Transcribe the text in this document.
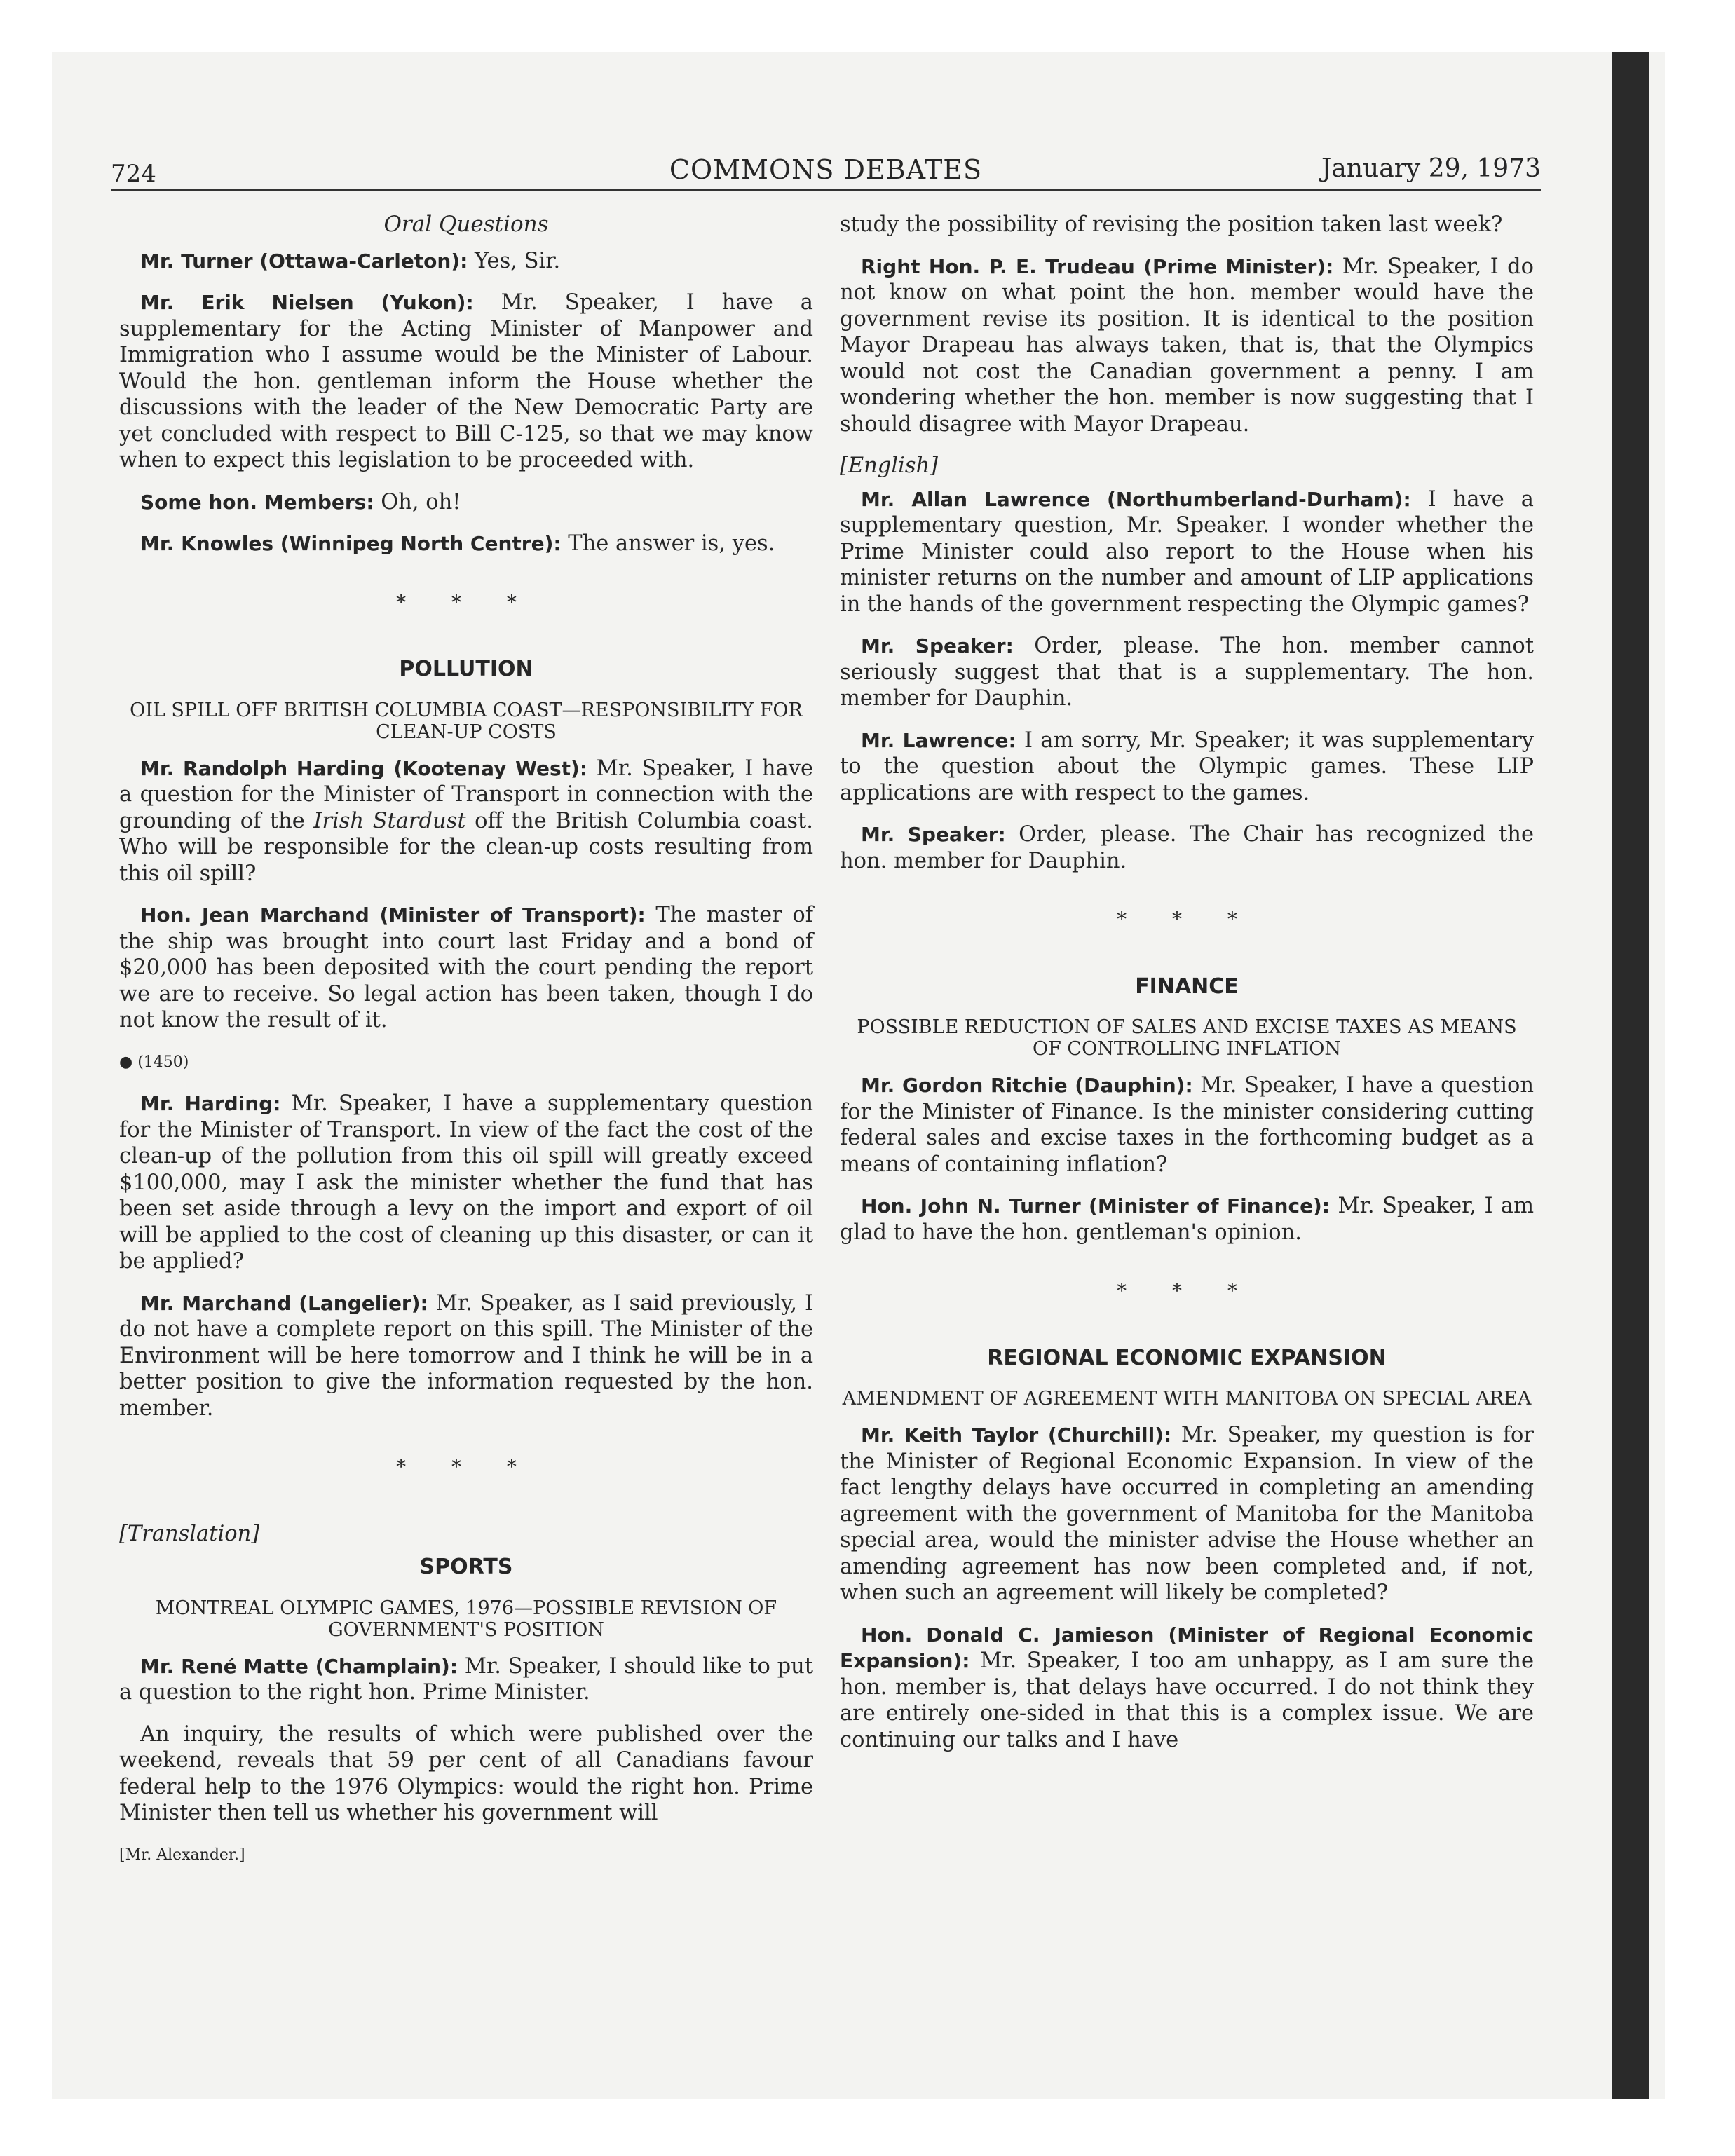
724	COMMONS DEBATES	January 29, 1973
Oral Questions

Mr. Turner (Ottawa-Carleton): Yes, Sir.

Mr. Erik Nielsen (Yukon): Mr. Speaker, I have a supplementary for the Acting Minister of Manpower and Immigration who I assume would be the Minister of Labour. Would the hon. gentleman inform the House whether the discussions with the leader of the New Democratic Party are yet concluded with respect to Bill C-125, so that we may know when to expect this legislation to be proceeded with.

Some hon. Members: Oh, oh!

Mr. Knowles (Winnipeg North Centre): The answer is, yes.

* * *
POLLUTION
OIL SPILL OFF BRITISH COLUMBIA COAST—RESPONSIBILITY FOR CLEAN-UP COSTS

Mr. Randolph Harding (Kootenay West): Mr. Speaker, I have a question for the Minister of Transport in connection with the grounding of the Irish Stardust off the British Columbia coast. Who will be responsible for the clean-up costs resulting from this oil spill?

Hon. Jean Marchand (Minister of Transport): The master of the ship was brought into court last Friday and a bond of $20,000 has been deposited with the court pending the report we are to receive. So legal action has been taken, though I do not know the result of it.

● (1450)

Mr. Harding: Mr. Speaker, I have a supplementary question for the Minister of Transport. In view of the fact the cost of the clean-up of the pollution from this oil spill will greatly exceed $100,000, may I ask the minister whether the fund that has been set aside through a levy on the import and export of oil will be applied to the cost of cleaning up this disaster, or can it be applied?

Mr. Marchand (Langelier): Mr. Speaker, as I said previously, I do not have a complete report on this spill. The Minister of the Environment will be here tomorrow and I think he will be in a better position to give the information requested by the hon. member.

* * *

[Translation]

SPORTS
MONTREAL OLYMPIC GAMES, 1976—POSSIBLE REVISION OF GOVERNMENT'S POSITION

Mr. René Matte (Champlain): Mr. Speaker, I should like to put a question to the right hon. Prime Minister.

An inquiry, the results of which were published over the weekend, reveals that 59 per cent of all Canadians favour federal help to the 1976 Olympics: would the right hon. Prime Minister then tell us whether his government will

[Mr. Alexander.]

study the possibility of revising the position taken last week?

Right Hon. P. E. Trudeau (Prime Minister): Mr. Speaker, I do not know on what point the hon. member would have the government revise its position. It is identical to the position Mayor Drapeau has always taken, that is, that the Olympics would not cost the Canadian government a penny. I am wondering whether the hon. member is now suggesting that I should disagree with Mayor Drapeau.

[English]

Mr. Allan Lawrence (Northumberland-Durham): I have a supplementary question, Mr. Speaker. I wonder whether the Prime Minister could also report to the House when his minister returns on the number and amount of LIP applications in the hands of the government respecting the Olympic games?

Mr. Speaker: Order, please. The hon. member cannot seriously suggest that that is a supplementary. The hon. member for Dauphin.

Mr. Lawrence: I am sorry, Mr. Speaker; it was supplementary to the question about the Olympic games. These LIP applications are with respect to the games.

Mr. Speaker: Order, please. The Chair has recognized the hon. member for Dauphin.

* * *
FINANCE
POSSIBLE REDUCTION OF SALES AND EXCISE TAXES AS MEANS OF CONTROLLING INFLATION

Mr. Gordon Ritchie (Dauphin): Mr. Speaker, I have a question for the Minister of Finance. Is the minister considering cutting federal sales and excise taxes in the forthcoming budget as a means of containing inflation?

Hon. John N. Turner (Minister of Finance): Mr. Speaker, I am glad to have the hon. gentleman's opinion.

* * *
REGIONAL ECONOMIC EXPANSION
AMENDMENT OF AGREEMENT WITH MANITOBA ON SPECIAL AREA

Mr. Keith Taylor (Churchill): Mr. Speaker, my question is for the Minister of Regional Economic Expansion. In view of the fact lengthy delays have occurred in completing an amending agreement with the government of Manitoba for the Manitoba special area, would the minister advise the House whether an amending agreement has now been completed and, if not, when such an agreement will likely be completed?

Hon. Donald C. Jamieson (Minister of Regional Economic Expansion): Mr. Speaker, I too am unhappy, as I am sure the hon. member is, that delays have occurred. I do not think they are entirely one-sided in that this is a complex issue. We are continuing our talks and I have
